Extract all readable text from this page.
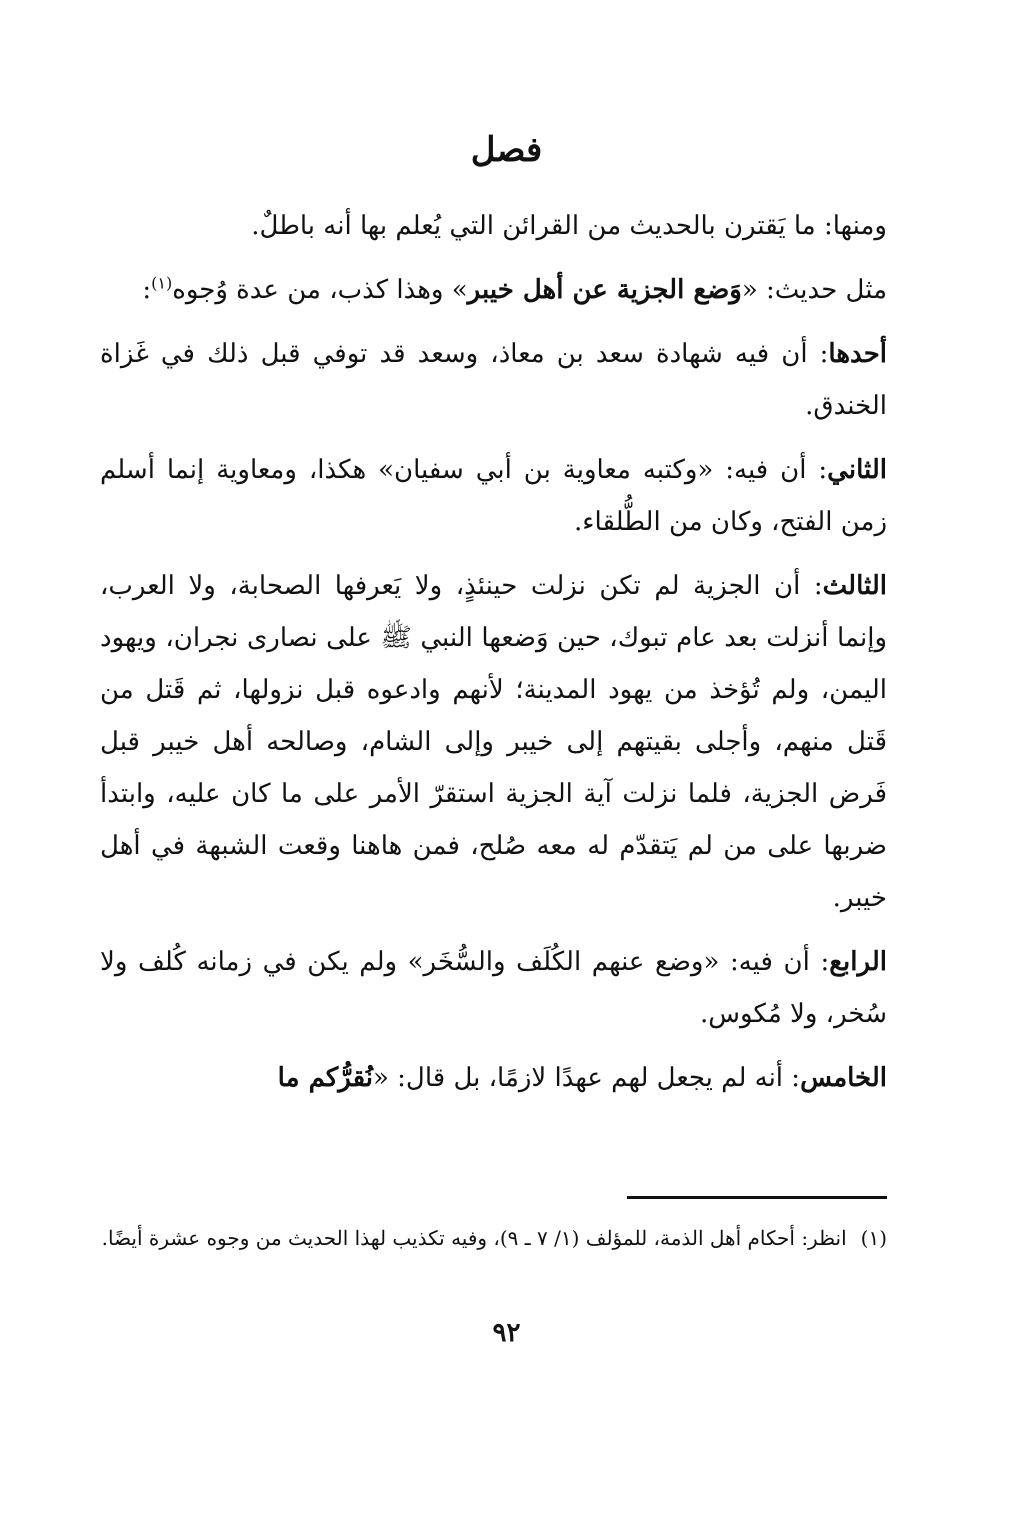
فصل

ومنها: ما يَقترن بالحديث من القرائن التي يُعلم بها أنه باطلٌ.

مثل حديث: «وَضع الجزية عن أهل خيبر» وهذا كذب، من عدة وُجوه$^{(١)}$:

أحدها: أن فيه شهادة سعد بن معاذ، وسعد قد توفي قبل ذلك في غَزاة الخندق.

الثاني: أن فيه: «وكتبه معاوية بن أبي سفيان» هكذا، ومعاوية إنما أسلم زمن الفتح، وكان من الطُّلقاء.

الثالث: أن الجزية لم تكن نزلت حينئذٍ، ولا يَعرفها الصحابة، ولا العرب، وإنما أنزلت بعد عام تبوك، حين وَضعها النبي ﷺ على نصارى نجران، ويهود اليمن، ولم تُؤخذ من يهود المدينة؛ لأنهم وادعوه قبل نزولها، ثم قَتل من قَتل منهم، وأجلى بقيتهم إلى خيبر وإلى الشام، وصالحه أهل خيبر قبل فَرض الجزية، فلما نزلت آية الجزية استقرّ الأمر على ما كان عليه، وابتدأ ضربها على من لم يَتقدّم له معه صُلح، فمن هاهنا وقعت الشبهة في أهل خيبر.

الرابع: أن فيه: «وضع عنهم الكُلَف والسُّخَر» ولم يكن في زمانه كُلف ولا سُخر، ولا مُكوس.

الخامس: أنه لم يجعل لهم عهدًا لازمًا، بل قال: «نُقرُّكم ما

(١)انظر: أحكام أهل الذمة، للمؤلف (١/ ٧ ـ ٩)، وفيه تكذيب لهذا الحديث من وجوه عشرة أيضًا.
٩٢
